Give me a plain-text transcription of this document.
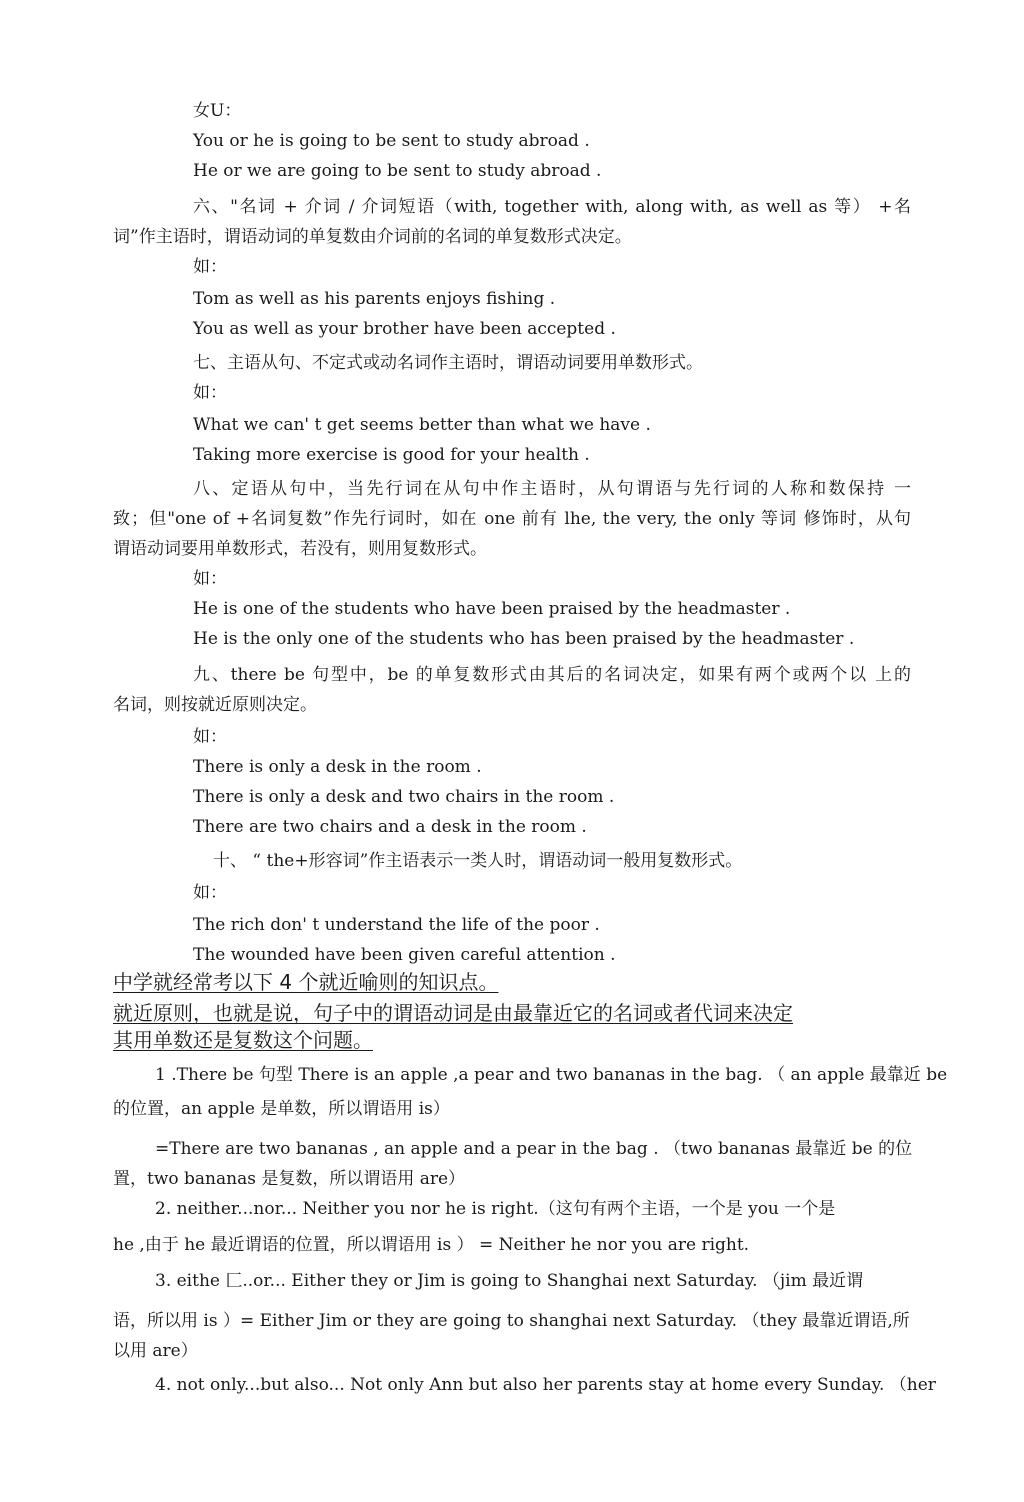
女U：
You or he is going to be sent to study abroad .
He or we are going to be sent to study abroad .
六、"名词 + 介词 / 介词短语（with, together with, along with, as well as 等） +名
词”作主语时，谓语动词的单复数由介词前的名词的单复数形式决定。
如：
Tom as well as his parents enjoys fishing .
You as well as your brother have been accepted .
七、主语从句、不定式或动名词作主语时，谓语动词要用单数形式。
如：
What we can' t get seems better than what we have .
Taking more exercise is good for your health .
八、定语从句中，当先行词在从句中作主语时，从句谓语与先行词的人称和数保持 一
致；但"one of +名词复数”作先行词时，如在 one 前有 lhe, the very, the only 等词 修饰时，从句
谓语动词要用单数形式，若没有，则用复数形式。
如：
He is one of the students who have been praised by the headmaster .
He is the only one of the students who has been praised by the headmaster .
九、there be 句型中，be 的单复数形式由其后的名词决定，如果有两个或两个以 上的
名词，则按就近原则决定。
如：
There is only a desk in the room .
There is only a desk and two chairs in the room .
There are two chairs and a desk in the room .
十、 “ the+形容词”作主语表示一类人时，谓语动词一般用复数形式。
如：
The rich don' t understand the life of the poor .
The wounded have been given careful attention .
中学就经常考以下 4 个就近喻则的知识点。
就近原则，也就是说，句子中的谓语动词是由最靠近它的名词或者代词来决定
其用单数还是复数这个问题。
1 .There be 句型 There is an apple ,a pear and two bananas in the bag. （ an apple 最靠近 be
的位置，an apple 是单数，所以谓语用 is）
=There are two bananas , an apple and a pear in the bag . （two bananas 最靠近 be 的位
置，two bananas 是复数，所以谓语用 are）
2. neither...nor... Neither you nor he is right.（这句有两个主语，一个是 you 一个是
he ,由于 he 最近谓语的位置，所以谓语用 is ） = Neither he nor you are right.
3. eithe 匚..or... Either they or Jim is going to Shanghai next Saturday. （jim 最近谓
语，所以用 is ）= Either Jim or they are going to shanghai next Saturday. （they 最靠近谓语,所
以用 are）
4. not only...but also... Not only Ann but also her parents stay at home every Sunday. （her
